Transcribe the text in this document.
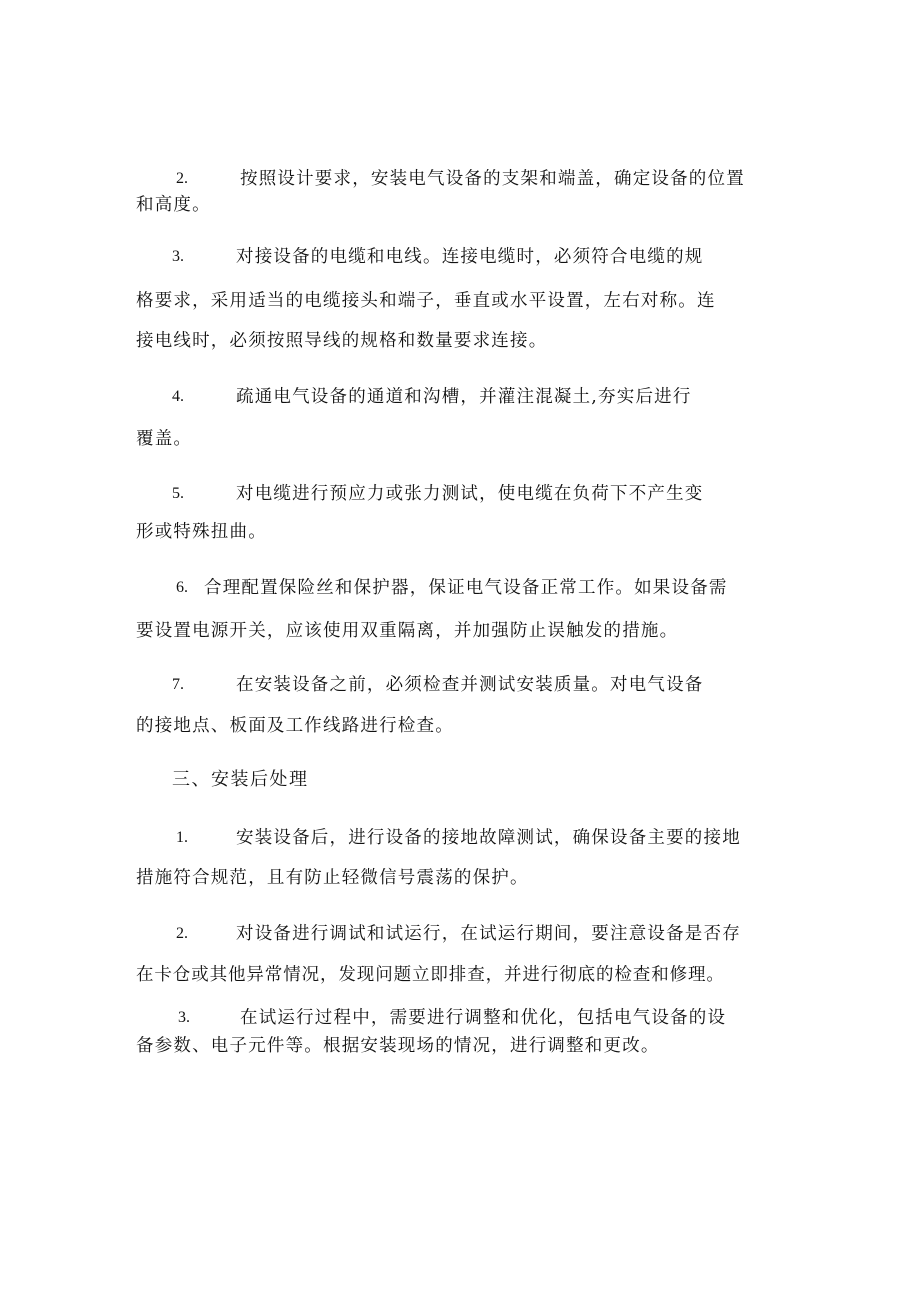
2.	按照设计要求，安装电气设备的支架和端盖，确定设备的位置
和高度。
3.	对接设备的电缆和电线。连接电缆时，必须符合电缆的规
格要求，采用适当的电缆接头和端子，垂直或水平设置，左右对称。连
接电线时，必须按照导线的规格和数量要求连接。
4.	疏通电气设备的通道和沟槽，并灌注混凝土,夯实后进行
覆盖。
5.	对电缆进行预应力或张力测试，使电缆在负荷下不产生变
形或特殊扭曲。
6. 合理配置保险丝和保护器，保证电气设备正常工作。如果设备需
要设置电源开关，应该使用双重隔离，并加强防止误触发的措施。
7.	在安装设备之前，必须检查并测试安装质量。对电气设备
的接地点、板面及工作线路进行检查。
三、安装后处理
1.	安装设备后，进行设备的接地故障测试，确保设备主要的接地
措施符合规范，且有防止轻微信号震荡的保护。
2.	对设备进行调试和试运行，在试运行期间，要注意设备是否存
在卡仓或其他异常情况，发现问题立即排查，并进行彻底的检查和修理。
3.	在试运行过程中，需要进行调整和优化，包括电气设备的设
备参数、电子元件等。根据安装现场的情况，进行调整和更改。
